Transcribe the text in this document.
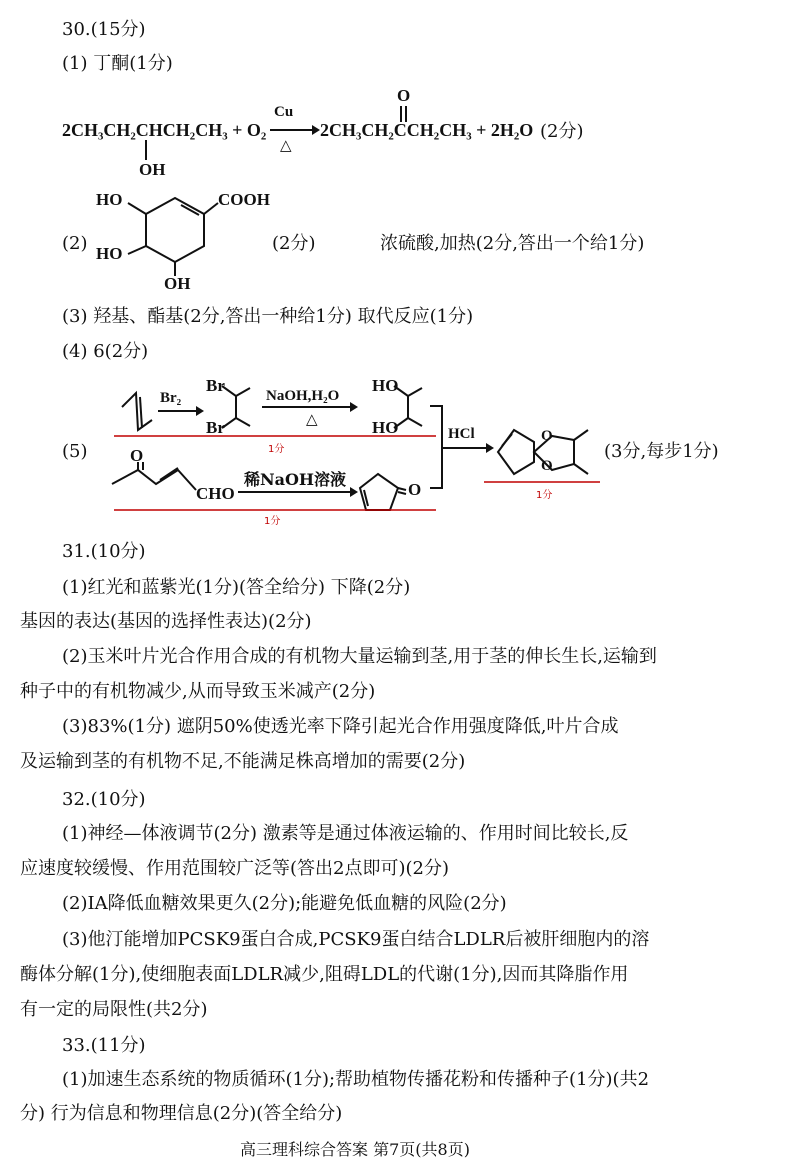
30.(15分)
(1) 丁酮(1分)
2CH₃CH₂CHCH₂CH₃ + O₂
OH
Cu
△
2CH₃CH₂CCH₂CH₃ + 2H₂O
O
(2分)
(2)
HO	COOH
HO
OH
(2分)	浓硫酸,加热(2分,答出一个给1分)
(3) 羟基、酯基(2分,答出一种给1分) 取代反应(1分)
(4) 6(2分)
(5)
Br₂
Br
Br
NaOH,H₂O
△
HO
HO	HCl	O
O
O
CHO
稀NaOH溶液
O
1分
1分
1分
(3分,每步1分)
31.(10分)
(1)红光和蓝紫光(1分)(答全给分) 下降(2分)
基因的表达(基因的选择性表达)(2分)
(2)玉米叶片光合作用合成的有机物大量运输到茎,用于茎的伸长生长,运输到
种子中的有机物减少,从而导致玉米减产(2分)
(3)83%(1分) 遮阴50%使透光率下降引起光合作用强度降低,叶片合成
及运输到茎的有机物不足,不能满足株高增加的需要(2分)
32.(10分)
(1)神经—体液调节(2分) 激素等是通过体液运输的、作用时间比较长,反
应速度较缓慢、作用范围较广泛等(答出2点即可)(2分)
(2)IA降低血糖效果更久(2分);能避免低血糖的风险(2分)
(3)他汀能增加PCSK9蛋白合成,PCSK9蛋白结合LDLR后被肝细胞内的溶
酶体分解(1分),使细胞表面LDLR减少,阻碍LDL的代谢(1分),因而其降脂作用
有一定的局限性(共2分)
33.(11分)
(1)加速生态系统的物质循环(1分);帮助植物传播花粉和传播种子(1分)(共2
分) 行为信息和物理信息(2分)(答全给分)
高三理科综合答案 第7页(共8页)
